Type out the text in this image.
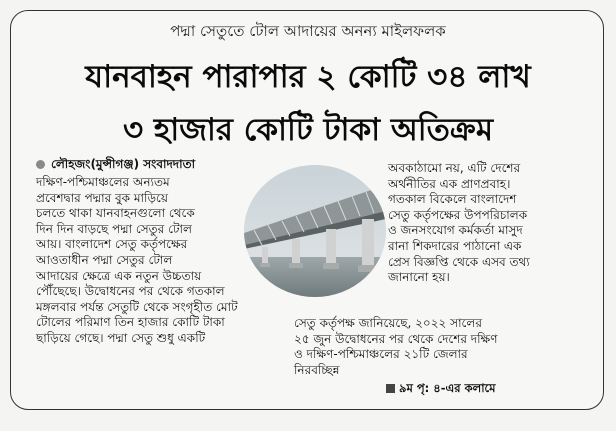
পদ্মা সেতুতে টোল আদায়ের অনন্য মাইলফলক
যানবাহন পারাপার ২ কোটি ৩৪ লাখ
৩ হাজার কোটি টাকা অতিক্রম
লৌহজং(মুন্সীগঞ্জ) সংবাদদাতা
দক্ষিণ-পশ্চিমাঞ্চলের অন্যতম
প্রবেশদ্বার পদ্মার বুক মাড়িয়ে
চলতে থাকা যানবাহনগুলো থেকে
দিন দিন বাড়ছে পদ্মা সেতুর টোল
আয়। বাংলাদেশ সেতু কর্তৃপক্ষের
আওতাধীন পদ্মা সেতুর টোল
আদায়ের ক্ষেত্রে এক নতুন উচ্চতায়
পৌঁছেছে। উদ্বোধনের পর থেকে গতকাল
মঙ্গলবার পর্যন্ত সেতুটি থেকে সংগৃহীত মোট
টোলের পরিমাণ তিন হাজার কোটি টাকা
ছাড়িয়ে গেছে। পদ্মা সেতু শুধু একটি
অবকাঠামো নয়, এটি দেশের
অর্থনীতির এক প্রাণপ্রবাহ।
গতকাল বিকেলে বাংলাদেশ
সেতু কর্তৃপক্ষের উপপরিচালক
ও জনসংযোগ কর্মকর্তা মাসুদ
রানা শিকদারের পাঠানো এক
প্রেস বিজ্ঞপ্তি থেকে এসব তথ্য
জানানো হয়।
সেতু কর্তৃপক্ষ জানিয়েছে, ২০২২ সালের
২৫ জুন উদ্বোধনের পর থেকে দেশের দক্ষিণ
ও দক্ষিণ-পশ্চিমাঞ্চলের ২১টি জেলার
নিরবচ্ছিন্ন
৯ম পৃ: ৪-এর কলামে
